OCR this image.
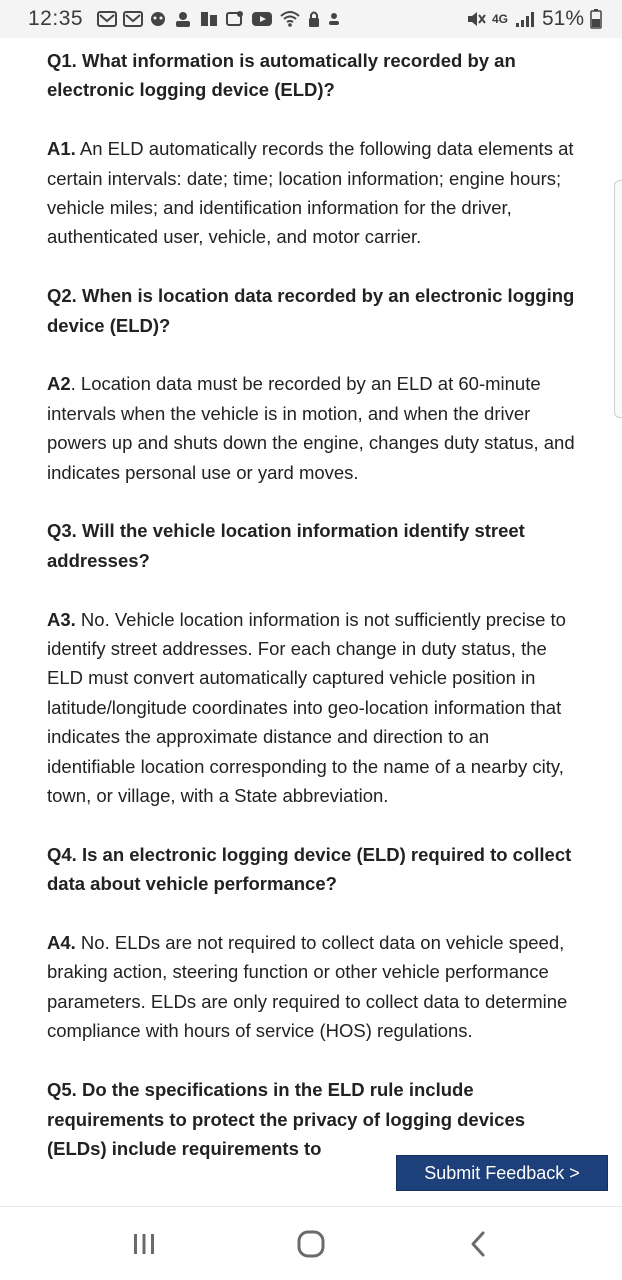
12:35	4G 51%

Q1. What information is automatically recorded by an electronic logging device (ELD)?

A1. An ELD automatically records the following data elements at certain intervals: date; time; location information; engine hours; vehicle miles; and identification information for the driver, authenticated user, vehicle, and motor carrier.

Q2. When is location data recorded by an electronic logging device (ELD)?

A2. Location data must be recorded by an ELD at 60-minute intervals when the vehicle is in motion, and when the driver powers up and shuts down the engine, changes duty status, and indicates personal use or yard moves.

Q3. Will the vehicle location information identify street addresses?

A3. No. Vehicle location information is not sufficiently precise to identify street addresses. For each change in duty status, the ELD must convert automatically captured vehicle position in latitude/longitude coordinates into geo-location information that indicates the approximate distance and direction to an identifiable location corresponding to the name of a nearby city, town, or village, with a State abbreviation.

Q4. Is an electronic logging device (ELD) required to collect data about vehicle performance?

A4. No. ELDs are not required to collect data on vehicle speed, braking action, steering function or other vehicle performance parameters. ELDs are only required to collect data to determine compliance with hours of service (HOS) regulations.

Q5. Do the specifications in the ELD rule include requirements to protect the privacy of logging devices (ELDs) include requirements to

Submit Feedback >
